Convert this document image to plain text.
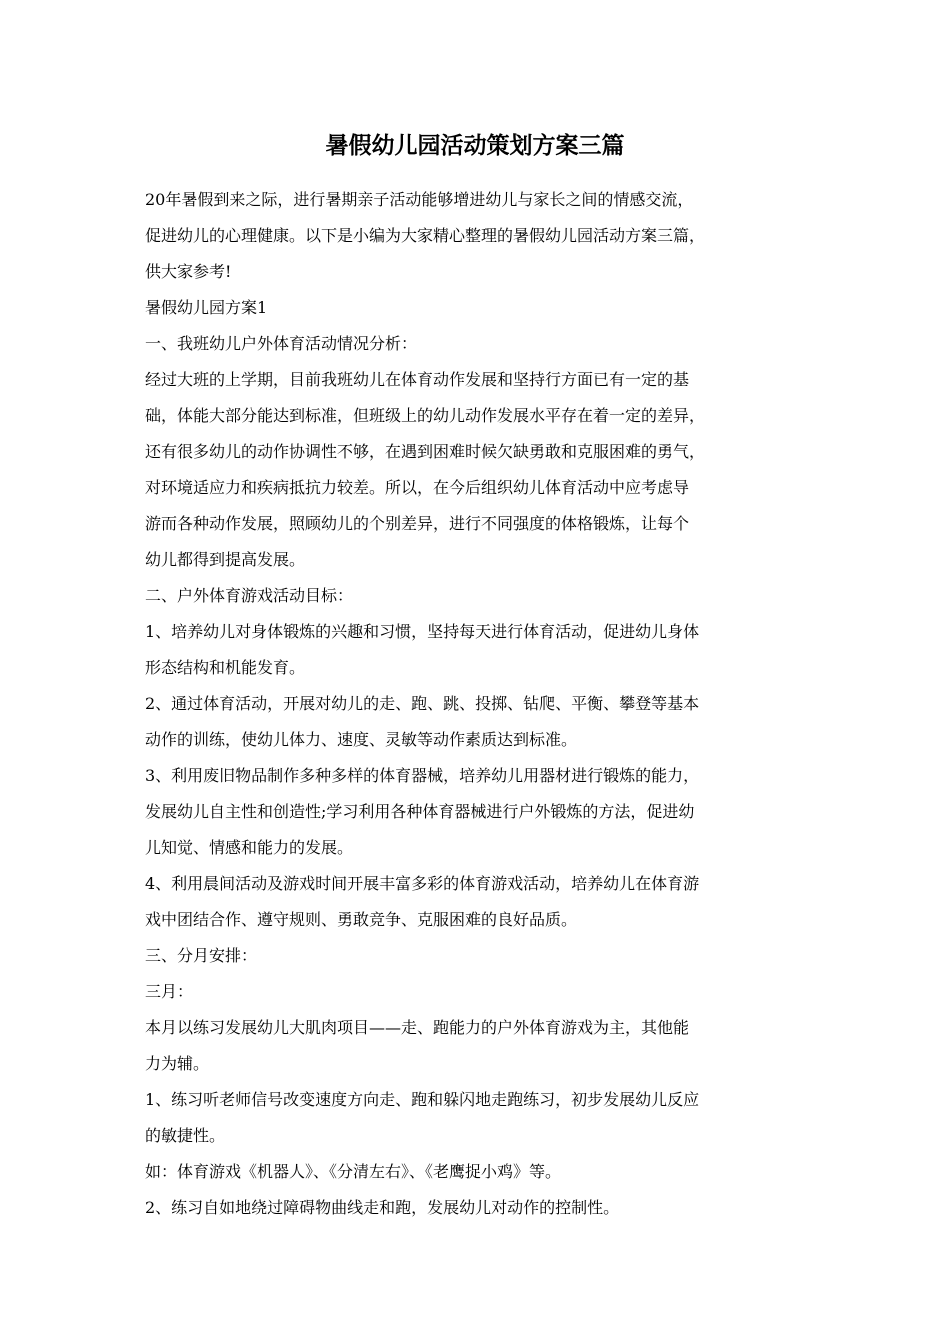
暑假幼儿园活动策划方案三篇
20年暑假到来之际，进行暑期亲子活动能够增进幼儿与家长之间的情感交流，
促进幼儿的心理健康。以下是小编为大家精心整理的暑假幼儿园活动方案三篇，
供大家参考!
暑假幼儿园方案1
一、我班幼儿户外体育活动情况分析：
经过大班的上学期，目前我班幼儿在体育动作发展和坚持行方面已有一定的基
础，体能大部分能达到标准，但班级上的幼儿动作发展水平存在着一定的差异，
还有很多幼儿的动作协调性不够，在遇到困难时候欠缺勇敢和克服困难的勇气，
对环境适应力和疾病抵抗力较差。所以，在今后组织幼儿体育活动中应考虑导
游而各种动作发展，照顾幼儿的个别差异，进行不同强度的体格锻炼，让每个
幼儿都得到提高发展。
二、户外体育游戏活动目标：
1、培养幼儿对身体锻炼的兴趣和习惯，坚持每天进行体育活动，促进幼儿身体
形态结构和机能发育。
2、通过体育活动，开展对幼儿的走、跑、跳、投掷、钻爬、平衡、攀登等基本
动作的训练，使幼儿体力、速度、灵敏等动作素质达到标准。
3、利用废旧物品制作多种多样的体育器械，培养幼儿用器材进行锻炼的能力，
发展幼儿自主性和创造性;学习利用各种体育器械进行户外锻炼的方法，促进幼
儿知觉、情感和能力的发展。
4、利用晨间活动及游戏时间开展丰富多彩的体育游戏活动，培养幼儿在体育游
戏中团结合作、遵守规则、勇敢竞争、克服困难的良好品质。
三、分月安排：
三月：
本月以练习发展幼儿大肌肉项目——走、跑能力的户外体育游戏为主，其他能
力为辅。
1、练习听老师信号改变速度方向走、跑和躲闪地走跑练习，初步发展幼儿反应
的敏捷性。
如：体育游戏《机器人》、《分清左右》、《老鹰捉小鸡》等。
2、练习自如地绕过障碍物曲线走和跑，发展幼儿对动作的控制性。
